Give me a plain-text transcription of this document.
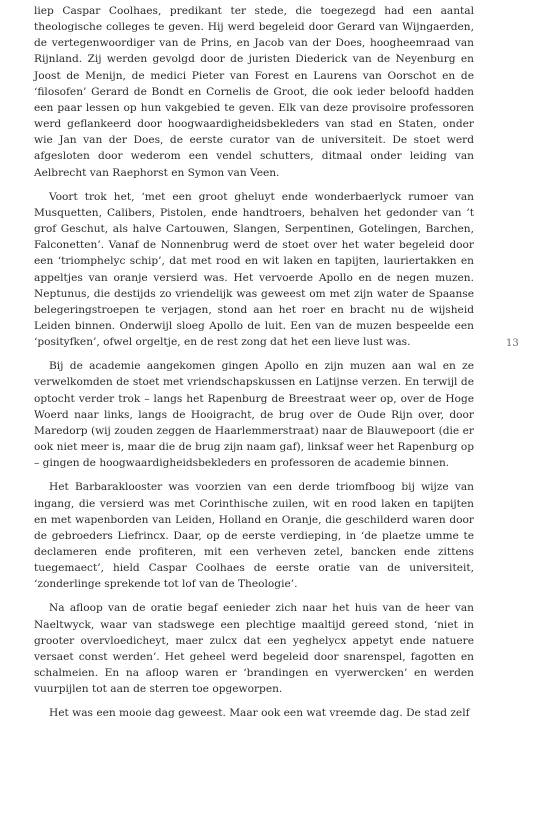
liep Caspar Coolhaes, predikant ter stede, die toegezegd had een aantal theologische colleges te geven. Hij werd begeleid door Gerard van Wijngaerden, de vertegenwoordiger van de Prins, en Jacob van der Does, hoogheemraad van Rijnland. Zij werden gevolgd door de juristen Diederick van de Neyenburg en Joost de Menijn, de medici Pieter van Forest en Laurens van Oorschot en de ‘filosofen’ Gerard de Bondt en Cornelis de Groot, die ook ieder beloofd hadden een paar lessen op hun vakgebied te geven. Elk van deze provisoire professoren werd geflankeerd door hoogwaardigheidsbekleders van stad en Staten, onder wie Jan van der Does, de eerste curator van de universiteit. De stoet werd afgesloten door wederom een vendel schutters, ditmaal onder leiding van Aelbrecht van Raephorst en Symon van Veen.

Voort trok het, ‘met een groot gheluyt ende wonderbaerlyck rumoer van Musquetten, Calibers, Pistolen, ende handtroers, behalven het gedonder van ’t grof Geschut, als halve Cartouwen, Slangen, Serpentinen, Gotelingen, Barchen, Falconetten’. Vanaf de Nonnenbrug werd de stoet over het water begeleid door een ‘triomphelyc schip’, dat met rood en wit laken en tapijten, lauriertakken en appeltjes van oranje versierd was. Het vervoerde Apollo en de negen muzen. Neptunus, die destijds zo vriendelijk was geweest om met zijn water de Spaanse belegeringstroepen te verjagen, stond aan het roer en bracht nu de wijsheid Leiden binnen. Onderwijl sloeg Apollo de luit. Een van de muzen bespeelde een ‘posityfken’, ofwel orgeltje, en de rest zong dat het een lieve lust was.

Bij de academie aangekomen gingen Apollo en zijn muzen aan wal en ze verwelkomden de stoet met vriendschapskussen en Latijnse verzen. En terwijl de optocht verder trok – langs het Rapenburg de Breestraat weer op, over de Hoge Woerd naar links, langs de Hooigracht, de brug over de Oude Rijn over, door Maredorp (wij zouden zeggen de Haarlemmerstraat) naar de Blauwepoort (die er ook niet meer is, maar die de brug zijn naam gaf), linksaf weer het Rapenburg op – gingen de hoogwaardigheidsbekleders en professoren de academie binnen.

Het Barbaraklooster was voorzien van een derde triomfboog bij wijze van ingang, die versierd was met Corinthische zuilen, wit en rood laken en tapijten en met wapenborden van Leiden, Holland en Oranje, die geschilderd waren door de gebroeders Liefrincx. Daar, op de eerste verdieping, in ‘de plaetze umme te declameren ende profiteren, mit een verheven zetel, bancken ende zittens tuegemaect’, hield Caspar Coolhaes de eerste oratie van de universiteit, ‘zonderlinge sprekende tot lof van de Theologie’.

Na afloop van de oratie begaf eenieder zich naar het huis van de heer van Naeltwyck, waar van stadswege een plechtige maaltijd gereed stond, ‘niet in grooter overvloedicheyt, maer zulcx dat een yeghelycx appetyt ende natuere versaet const werden’. Het geheel werd begeleid door snarenspel, fagotten en schalmeien. En na afloop waren er ‘brandingen en vyerwercken’ en werden vuurpijlen tot aan de sterren toe opgeworpen.

Het was een mooie dag geweest. Maar ook een wat vreemde dag. De stad zelf

13
